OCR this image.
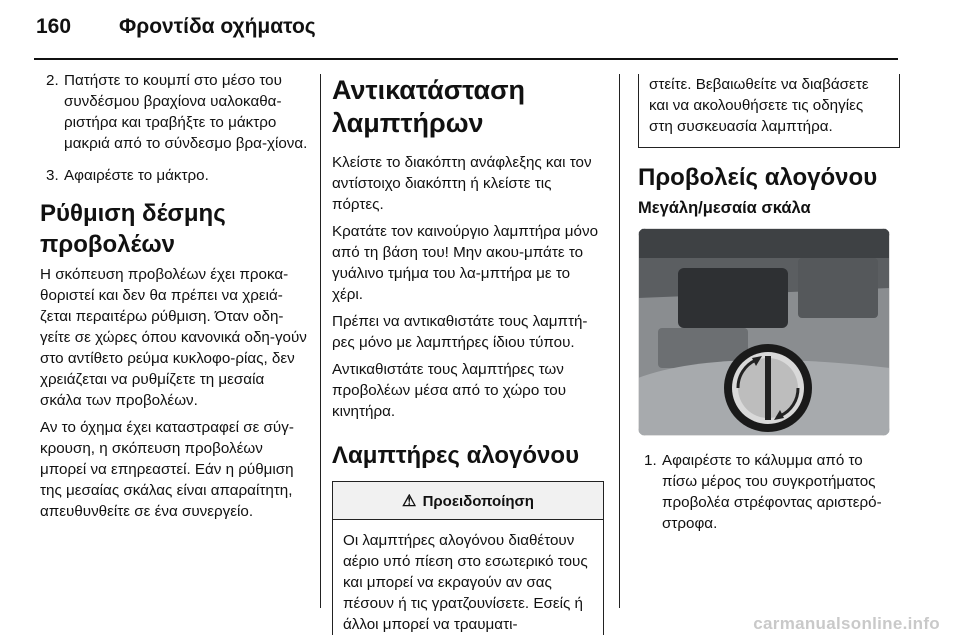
160 Φροντίδα οχήματος
2. Πατήστε το κουμπί στο μέσο του συνδέσμου βραχίονα υαλοκαθα-ριστήρα και τραβήξτε το μάκτρο μακριά από το σύνδεσμο βρα-χίονα.
3. Αφαιρέστε το μάκτρο.
Ρύθμιση δέσμης προβολέων

Η σκόπευση προβολέων έχει προκα-θοριστεί και δεν θα πρέπει να χρειά-ζεται περαιτέρω ρύθμιση. Όταν οδη-γείτε σε χώρες όπου κανονικά οδη-γούν στο αντίθετο ρεύμα κυκλοφο-ρίας, δεν χρειάζεται να ρυθμίζετε τη μεσαία σκάλα των προβολέων.

Αν το όχημα έχει καταστραφεί σε σύγ-κρουση, η σκόπευση προβολέων μπορεί να επηρεαστεί. Εάν η ρύθμιση της μεσαίας σκάλας είναι απαραίτητη, απευθυνθείτε σε ένα συνεργείο.

Αντικατάσταση λαμπτήρων

Κλείστε το διακόπτη ανάφλεξης και τον αντίστοιχο διακόπτη ή κλείστε τις πόρτες.

Κρατάτε τον καινούργιο λαμπτήρα μόνο από τη βάση του! Μην ακου-μπάτε το γυάλινο τμήμα του λα-μπτήρα με το χέρι.

Πρέπει να αντικαθιστάτε τους λαμπτή-ρες μόνο με λαμπτήρες ίδιου τύπου.

Αντικαθιστάτε τους λαμπτήρες των προβολέων μέσα από το χώρο του κινητήρα.

Λαμπτήρες αλογόνου
⚠ Προειδοποίηση
Οι λαμπτήρες αλογόνου διαθέτουν αέριο υπό πίεση στο εσωτερικό τους και μπορεί να εκραγούν αν σας πέσουν ή τις γρατζουνίσετε. Εσείς ή άλλοι μπορεί να τραυματι-
στείτε. Βεβαιωθείτε να διαβάσετε και να ακολουθήσετε τις οδηγίες στη συσκευασία λαμπτήρα.
Προβολείς αλογόνου
Μεγάλη/μεσαία σκάλα
1. Αφαιρέστε το κάλυμμα από το πίσω μέρος του συγκροτήματος προβολέα στρέφοντας αριστερό-στροφα.
carmanualsonline.info
